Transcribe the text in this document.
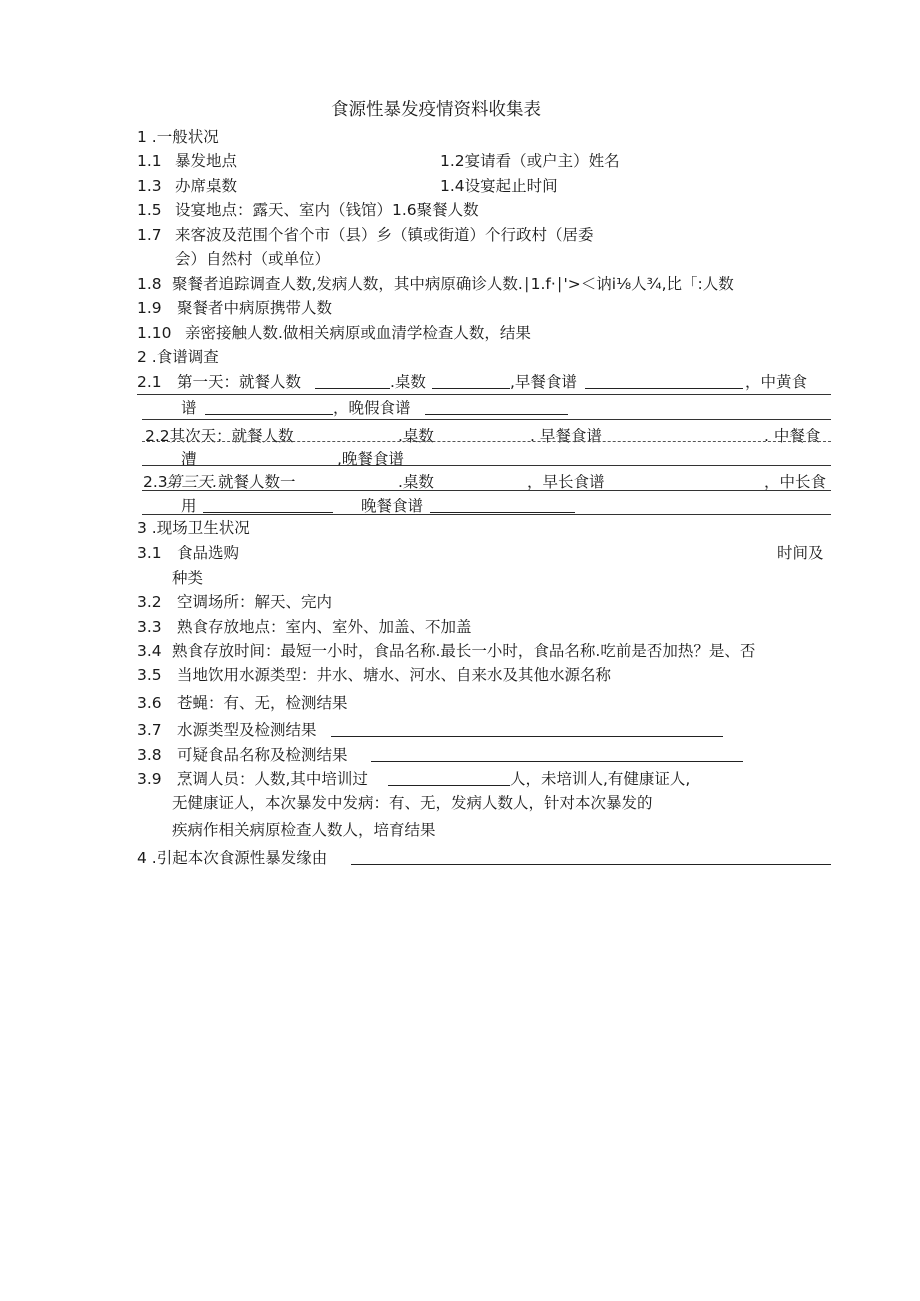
食源性暴发疫情资料收集表
1 .一般状况
1.1 暴发地点	1.2宴请看（或户主）姓名
1.3 办席桌数	1.4设宴起止时间
1.5 设宴地点：露天、室内（钱馆）1.6聚餐人数
1.7 来客波及范围个省个市（县）乡（镇或街道）个行政村（居委
会）自然村（或单位）
1.8 聚餐者追踪调查人数,发病人数，其中病原确诊人数.∣1.f·∣'>＜讷i⅛人¾,比「:人数
1.9 聚餐者中病原携带人数
1.10 亲密接触人数.做相关病原或血清学检查人数，结果
2 .食谱调查
2.1 第一天：就餐人数	.桌数	,早餐食谱	，中黄食
谱	，晚假食谱
2.2其次天：就餐人数	.桌数	. 早餐食谱	. 中餐食
漕	,晚餐食谱
2.3
第三天. 就餐人数一	.桌数	，早长食谱	，中长食
用	晚餐食谱
3 .现场卫生状况
3.1 食品选购	时间及
种类
3.2 空调场所：解天、完内
3.3 熟食存放地点：室内、室外、加盖、不加盖
3.4 熟食存放时间：最短一小时，食品名称.最长一小时，食品名称.吃前是否加热？是、否
3.5 当地饮用水源类型：井水、塘水、河水、自来水及其他水源名称
3.6 苍蝇：有、无，检测结果
3.7 水源类型及检测结果
3.8 可疑食品名称及检测结果
3.9 烹调人员：人数,其中培训过	人，未培训人,有健康证人,
无健康证人，本次暴发中发病：有、无，发病人数人，针对本次暴发的
疾病作相关病原检查人数人，培育结果
4 .引起本次食源性暴发缘由
